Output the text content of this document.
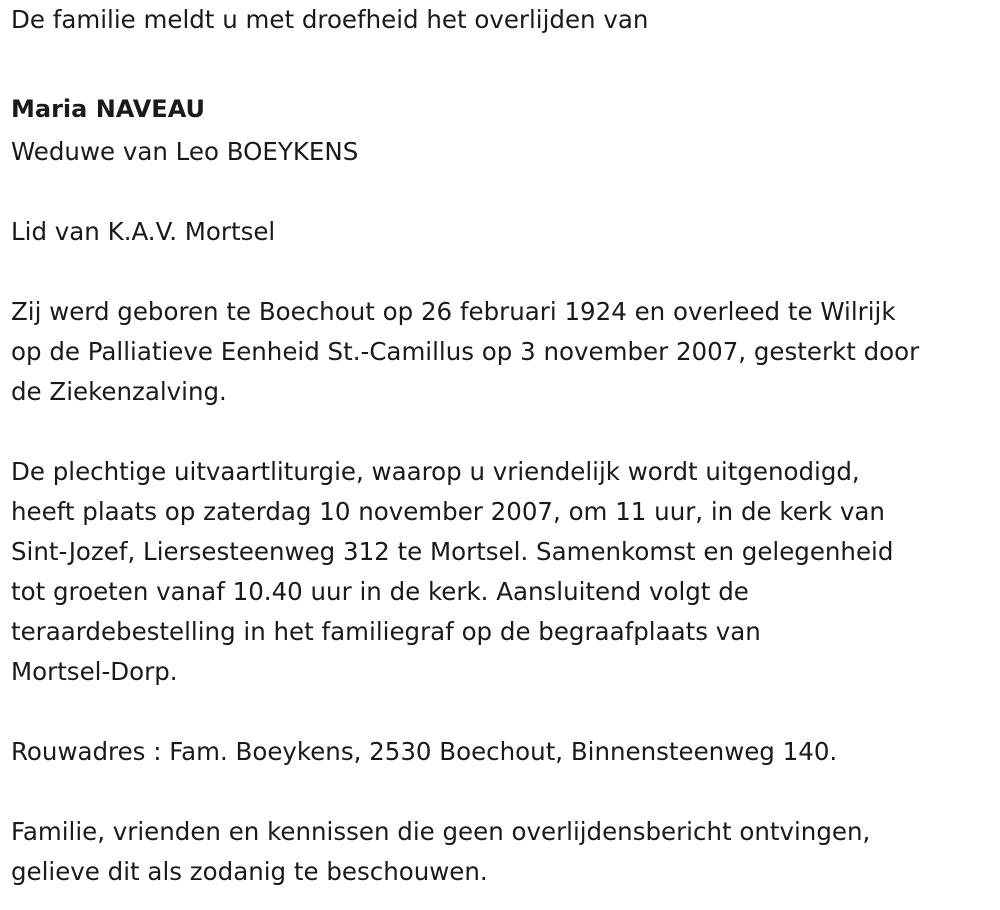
De familie meldt u met droefheid het overlijden van
Maria NAVEAU
Weduwe van Leo BOEYKENS
Lid van K.A.V. Mortsel
Zij werd geboren te Boechout op 26 februari 1924 en overleed te Wilrijk
op de Palliatieve Eenheid St.-Camillus op 3 november 2007, gesterkt door
de Ziekenzalving.
De plechtige uitvaartliturgie, waarop u vriendelijk wordt uitgenodigd,
heeft plaats op zaterdag 10 november 2007, om 11 uur, in de kerk van
Sint-Jozef, Liersesteenweg 312 te Mortsel. Samenkomst en gelegenheid
tot groeten vanaf 10.40 uur in de kerk. Aansluitend volgt de
teraardebestelling in het familiegraf op de begraafplaats van
Mortsel-Dorp.
Rouwadres : Fam. Boeykens, 2530 Boechout, Binnensteenweg 140.
Familie, vrienden en kennissen die geen overlijdensbericht ontvingen,
gelieve dit als zodanig te beschouwen.
